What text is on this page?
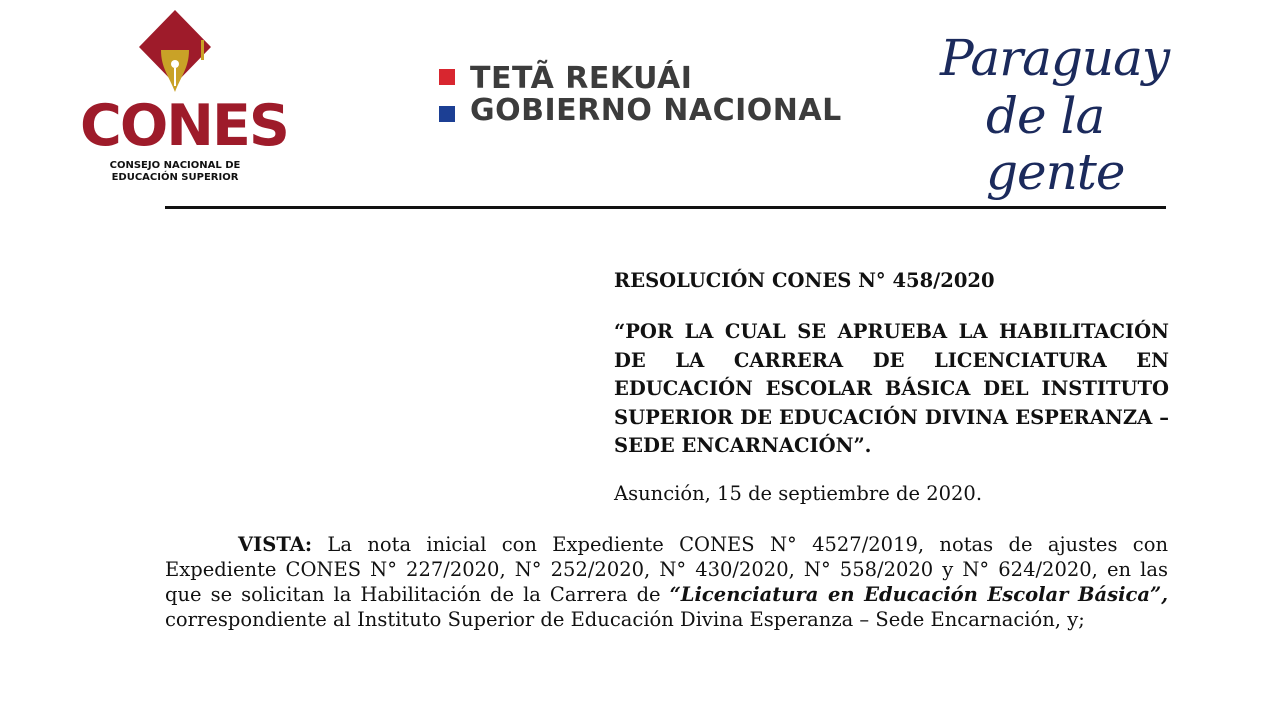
CONES
CONSEJO NACIONAL DE
EDUCACIÓN SUPERIOR
TETÃ REKUÁI
GOBIERNO NACIONAL
Paraguay
de la gente

RESOLUCIÓN CONES N° 458/2020

“POR LA CUAL SE APRUEBA LA HABILITACIÓN DE LA CARRERA DE LICENCIATURA EN EDUCACIÓN ESCOLAR BÁSICA DEL INSTITUTO SUPERIOR DE EDUCACIÓN DIVINA ESPERANZA – SEDE ENCARNACIÓN”.

Asunción, 15 de septiembre de 2020.

VISTA: La nota inicial con Expediente CONES N° 4527/2019, notas de ajustes con Expediente CONES N° 227/2020, N° 252/2020, N° 430/2020, N° 558/2020 y N° 624/2020, en las que se solicitan la Habilitación de la Carrera de “Licenciatura en Educación Escolar Básica”, correspondiente al Instituto Superior de Educación Divina Esperanza – Sede Encarnación, y;
